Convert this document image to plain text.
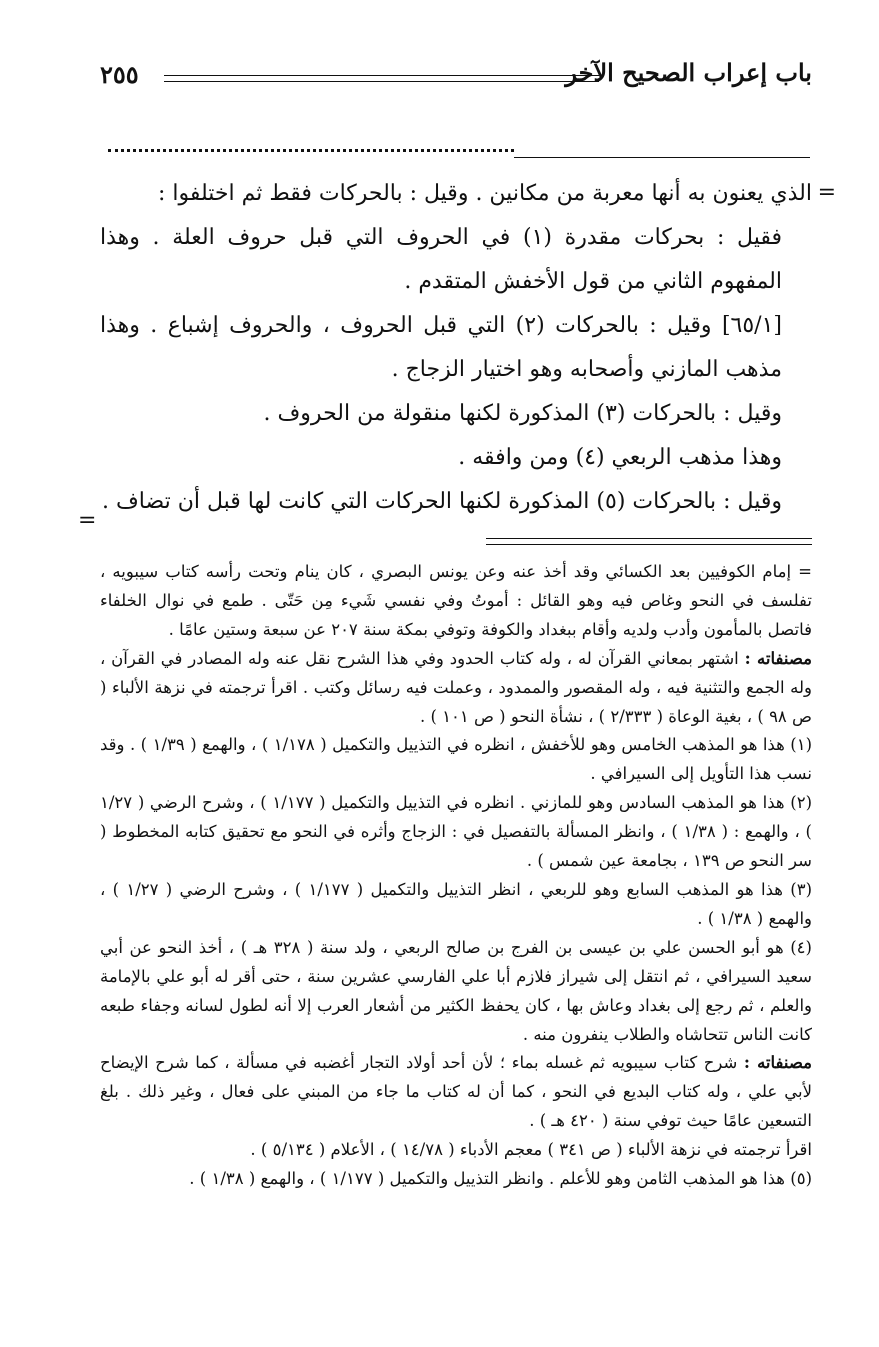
٢٥٥	باب إعراب الصحيح الآخر
=

الذي يعنون به أنها معربة من مكانين . وقيل : بالحركات فقط ثم اختلفوا :

فقيل : بحركات مقدرة (١) في الحروف التي قبل حروف العلة . وهذا المفهوم الثاني من قول الأخفش المتقدم .

[٦٥/١] وقيل : بالحركات (٢) التي قبل الحروف ، والحروف إشباع . وهذا مذهب المازني وأصحابه وهو اختيار الزجاج .

وقيل : بالحركات (٣) المذكورة لكنها منقولة من الحروف .

وهذا مذهب الربعي (٤) ومن وافقه .

وقيل : بالحركات (٥) المذكورة لكنها الحركات التي كانت لها قبل أن تضاف .

=

= إمام الكوفيين بعد الكسائي وقد أخذ عنه وعن يونس البصري ، كان ينام وتحت رأسه كتاب سيبويه ، تفلسف في النحو وغاص فيه وهو القائل : أموتُ وفي نفسي شَيء مِن حَتّى . طمع في نوال الخلفاء فاتصل بالمأمون وأدب ولديه وأقام ببغداد والكوفة وتوفي بمكة سنة ٢٠٧ عن سبعة وستين عامًا .

مصنفاته : اشتهر بمعاني القرآن له ، وله كتاب الحدود وفي هذا الشرح نقل عنه وله المصادر في القرآن ، وله الجمع والتثنية فيه ، وله المقصور والممدود ، وعملت فيه رسائل وكتب . اقرأ ترجمته في نزهة الألباء ( ص ٩٨ ) ، بغية الوعاة ( ٢/٣٣٣ ) ، نشأة النحو ( ص ١٠١ ) .

(١) هذا هو المذهب الخامس وهو للأخفش ، انظره في التذييل والتكميل ( ١/١٧٨ ) ، والهمع ( ١/٣٩ ) . وقد نسب هذا التأويل إلى السيرافي .

(٢) هذا هو المذهب السادس وهو للمازني . انظره في التذييل والتكميل ( ١/١٧٧ ) ، وشرح الرضي ( ١/٢٧ ) ، والهمع : ( ١/٣٨ ) ، وانظر المسألة بالتفصيل في : الزجاج وأثره في النحو مع تحقيق كتابه المخطوط ( سر النحو ص ١٣٩ ، بجامعة عين شمس ) .

(٣) هذا هو المذهب السابع وهو للربعي ، انظر التذييل والتكميل ( ١/١٧٧ ) ، وشرح الرضي ( ١/٢٧ ) ، والهمع ( ١/٣٨ ) .

(٤) هو أبو الحسن علي بن عيسى بن الفرج بن صالح الربعي ، ولد سنة ( ٣٢٨ هـ ) ، أخذ النحو عن أبي سعيد السيرافي ، ثم انتقل إلى شيراز فلازم أبا علي الفارسي عشرين سنة ، حتى أقر له أبو علي بالإمامة والعلم ، ثم رجع إلى بغداد وعاش بها ، كان يحفظ الكثير من أشعار العرب إلا أنه لطول لسانه وجفاء طبعه كانت الناس تتحاشاه والطلاب ينفرون منه .

مصنفاته : شرح كتاب سيبويه ثم غسله بماء ؛ لأن أحد أولاد التجار أغضبه في مسألة ، كما شرح الإيضاح لأبي علي ، وله كتاب البديع في النحو ، كما أن له كتاب ما جاء من المبني على فعال ، وغير ذلك . بلغ التسعين عامًا حيث توفي سنة ( ٤٢٠ هـ ) .

اقرأ ترجمته في نزهة الألباء ( ص ٣٤١ ) معجم الأدباء ( ١٤/٧٨ ) ، الأعلام ( ٥/١٣٤ ) .

(٥) هذا هو المذهب الثامن وهو للأعلم . وانظر التذييل والتكميل ( ١/١٧٧ ) ، والهمع ( ١/٣٨ ) .
